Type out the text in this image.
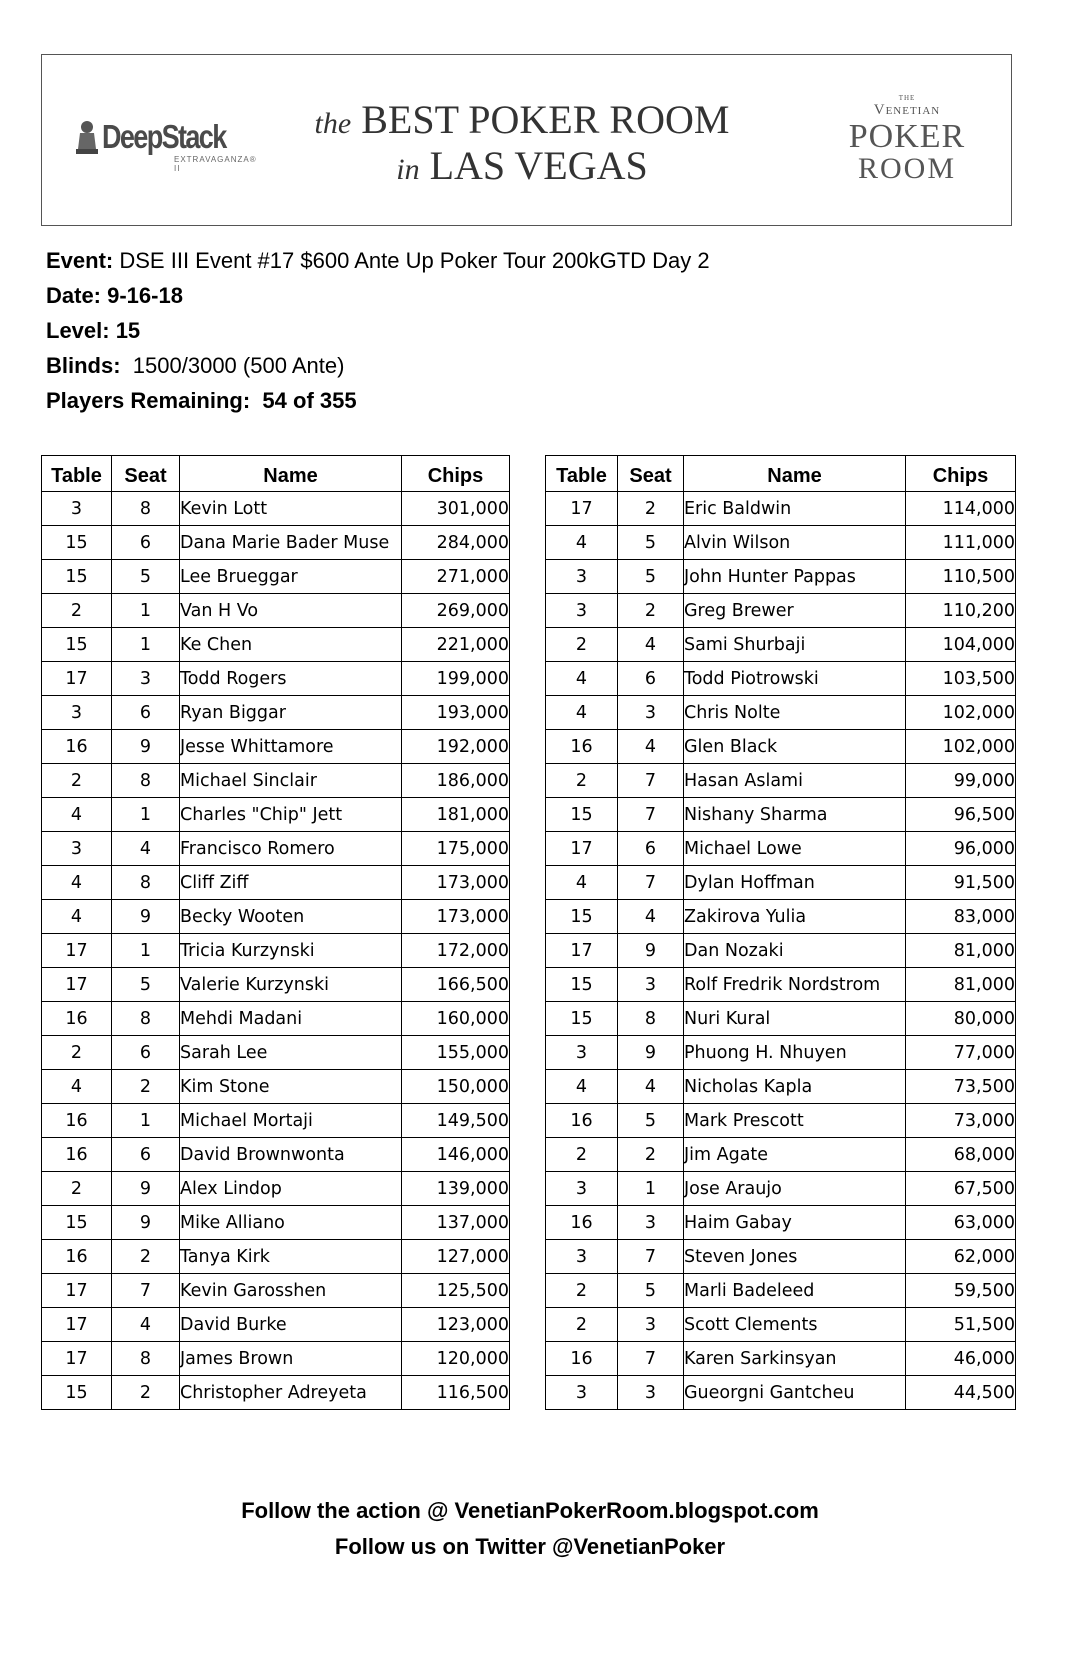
DeepStack
EXTRAVAGANZA® II
the BEST POKER ROOM
in LAS VEGAS
THE
Venetian
POKER
ROOM
Event: DSE III Event #17 $600 Ante Up Poker Tour 200kGTD Day 2
Date: 9-16-18
Level: 15
Blinds: 1500/3000 (500 Ante)
Players Remaining: 54 of 355
Table	Seat	Name	Chips
3	8	Kevin Lott	301,000
15	6	Dana Marie Bader Muse	284,000
15	5	Lee Brueggar	271,000
2	1	Van H Vo	269,000
15	1	Ke Chen	221,000
17	3	Todd Rogers	199,000
3	6	Ryan Biggar	193,000
16	9	Jesse Whittamore	192,000
2	8	Michael Sinclair	186,000
4	1	Charles "Chip" Jett	181,000
3	4	Francisco Romero	175,000
4	8	Cliff Ziff	173,000
4	9	Becky Wooten	173,000
17	1	Tricia Kurzynski	172,000
17	5	Valerie Kurzynski	166,500
16	8	Mehdi Madani	160,000
2	6	Sarah Lee	155,000
4	2	Kim Stone	150,000
16	1	Michael Mortaji	149,500
16	6	David Brownwonta	146,000
2	9	Alex Lindop	139,000
15	9	Mike Alliano	137,000
16	2	Tanya Kirk	127,000
17	7	Kevin Garosshen	125,500
17	4	David Burke	123,000
17	8	James Brown	120,000
15	2	Christopher Adreyeta	116,500
Table	Seat	Name	Chips
17	2	Eric Baldwin	114,000
4	5	Alvin Wilson	111,000
3	5	John Hunter Pappas	110,500
3	2	Greg Brewer	110,200
2	4	Sami Shurbaji	104,000
4	6	Todd Piotrowski	103,500
4	3	Chris Nolte	102,000
16	4	Glen Black	102,000
2	7	Hasan Aslami	99,000
15	7	Nishany Sharma	96,500
17	6	Michael Lowe	96,000
4	7	Dylan Hoffman	91,500
15	4	Zakirova Yulia	83,000
17	9	Dan Nozaki	81,000
15	3	Rolf Fredrik Nordstrom	81,000
15	8	Nuri Kural	80,000
3	9	Phuong H. Nhuyen	77,000
4	4	Nicholas Kapla	73,500
16	5	Mark Prescott	73,000
2	2	Jim Agate	68,000
3	1	Jose Araujo	67,500
16	3	Haim Gabay	63,000
3	7	Steven Jones	62,000
2	5	Marli Badeleed	59,500
2	3	Scott Clements	51,500
16	7	Karen Sarkinsyan	46,000
3	3	Gueorgni Gantcheu	44,500
Follow the action @ VenetianPokerRoom.blogspot.com
Follow us on Twitter @VenetianPoker
